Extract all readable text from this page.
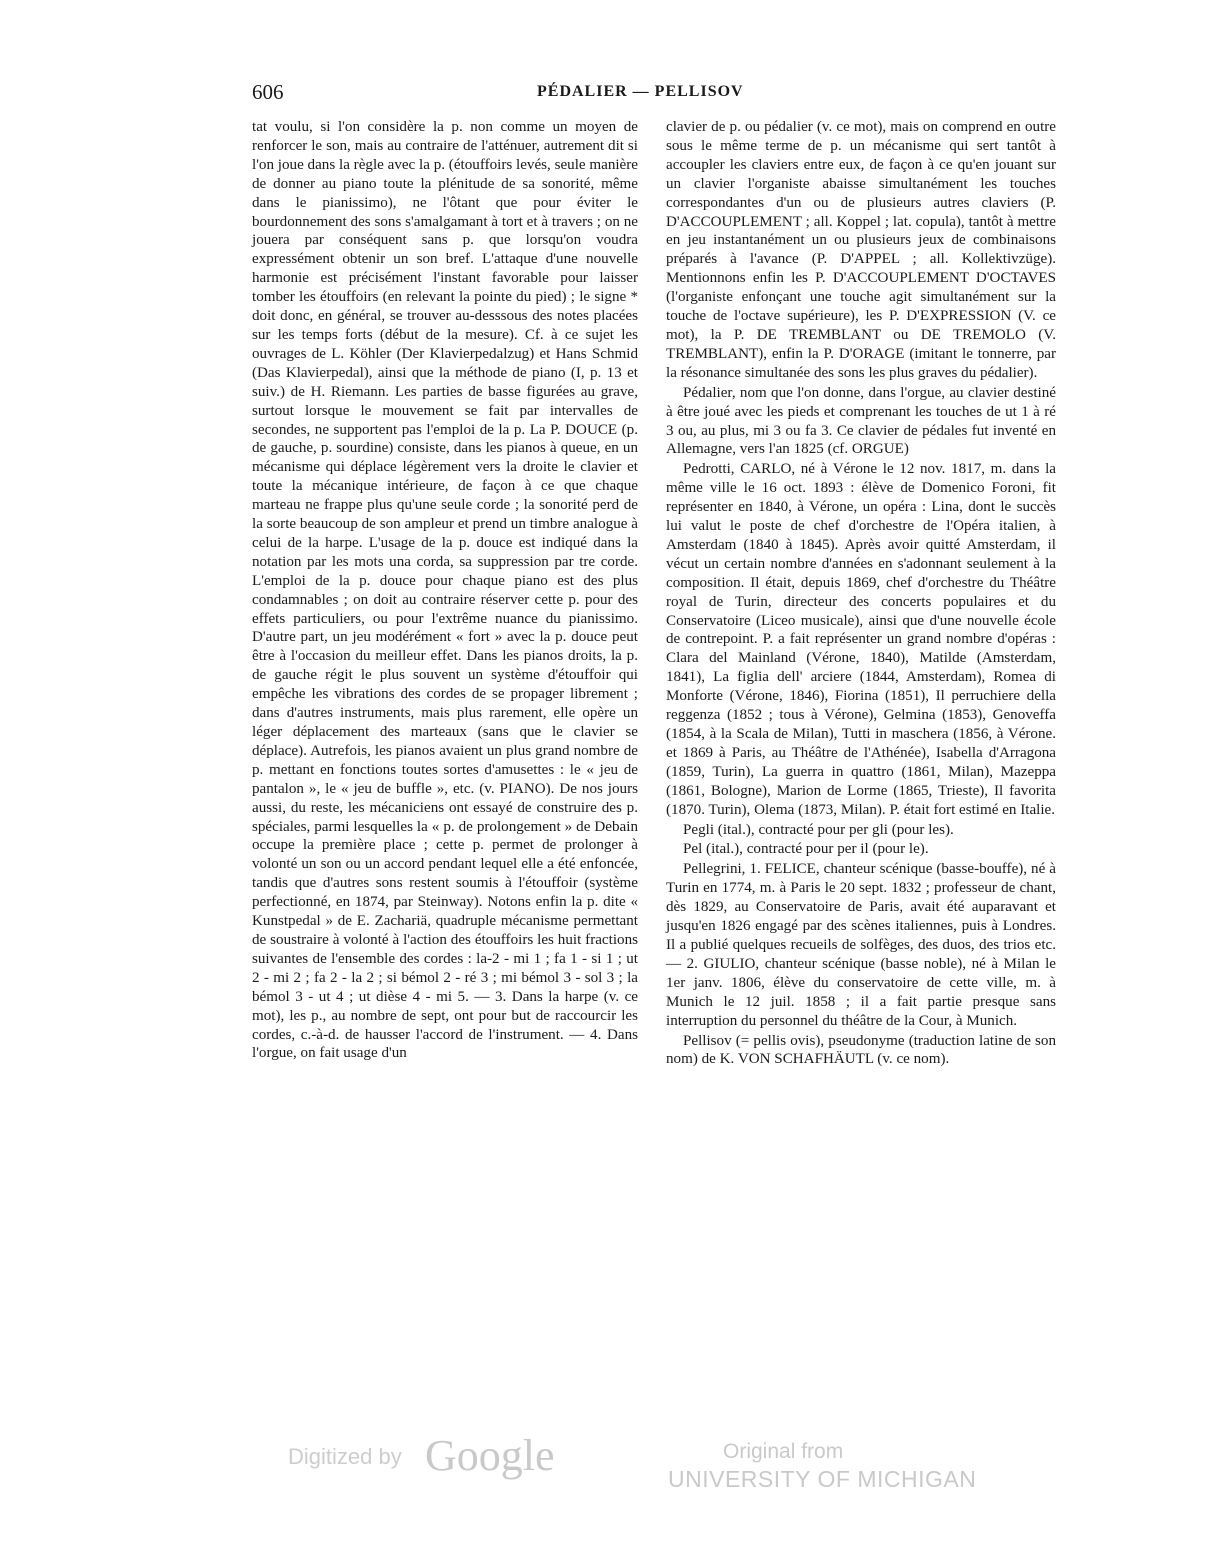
606	PÉDALIER — PELLISOV

tat voulu, si l'on considère la p. non comme un moyen de renforcer le son, mais au contraire de l'atténuer, autrement dit si l'on joue dans la règle avec la p. (étouffoirs levés, seule manière de donner au piano toute la plénitude de sa sonorité, même dans le pianissimo), ne l'ôtant que pour éviter le bourdonnement des sons s'amalgamant à tort et à travers ; on ne jouera par conséquent sans p. que lorsqu'on voudra expressément obtenir un son bref. L'attaque d'une nouvelle harmonie est précisément l'instant favorable pour laisser tomber les étouffoirs (en relevant la pointe du pied) ; le signe * doit donc, en général, se trouver au-desssous des notes placées sur les temps forts (début de la mesure). Cf. à ce sujet les ouvrages de L. Köhler (Der Klavierpedalzug) et Hans Schmid (Das Klavierpedal), ainsi que la méthode de piano (I, p. 13 et suiv.) de H. Riemann. Les parties de basse figurées au grave, surtout lorsque le mouvement se fait par intervalles de secondes, ne supportent pas l'emploi de la p. La P. DOUCE (p. de gauche, p. sourdine) consiste, dans les pianos à queue, en un mécanisme qui déplace légèrement vers la droite le clavier et toute la mécanique intérieure, de façon à ce que chaque marteau ne frappe plus qu'une seule corde ; la sonorité perd de la sorte beaucoup de son ampleur et prend un timbre analogue à celui de la harpe. L'usage de la p. douce est indiqué dans la notation par les mots una corda, sa suppression par tre corde. L'emploi de la p. douce pour chaque piano est des plus condamnables ; on doit au contraire réserver cette p. pour des effets particuliers, ou pour l'extrême nuance du pianissimo. D'autre part, un jeu modérément « fort » avec la p. douce peut être à l'occasion du meilleur effet. Dans les pianos droits, la p. de gauche régit le plus souvent un système d'étouffoir qui empêche les vibrations des cordes de se propager librement ; dans d'autres instruments, mais plus rarement, elle opère un léger déplacement des marteaux (sans que le clavier se déplace). Autrefois, les pianos avaient un plus grand nombre de p. mettant en fonctions toutes sortes d'amusettes : le « jeu de pantalon », le « jeu de buffle », etc. (v. PIANO). De nos jours aussi, du reste, les mécaniciens ont essayé de construire des p. spéciales, parmi lesquelles la « p. de prolongement » de Debain occupe la première place ; cette p. permet de prolonger à volonté un son ou un accord pendant lequel elle a été enfoncée, tandis que d'autres sons restent soumis à l'étouffoir (système perfectionné, en 1874, par Steinway). Notons enfin la p. dite « Kunstpedal » de E. Zachariä, quadruple mécanisme permettant de soustraire à volonté à l'action des étouffoirs les huit fractions suivantes de l'ensemble des cordes : la-2 - mi 1 ; fa 1 - si 1 ; ut 2 - mi 2 ; fa 2 - la 2 ; si bémol 2 - ré 3 ; mi bémol 3 - sol 3 ; la bémol 3 - ut 4 ; ut dièse 4 - mi 5. — 3. Dans la harpe (v. ce mot), les p., au nombre de sept, ont pour but de raccourcir les cordes, c.-à-d. de hausser l'accord de l'instrument. — 4. Dans l'orgue, on fait usage d'un

clavier de p. ou pédalier (v. ce mot), mais on comprend en outre sous le même terme de p. un mécanisme qui sert tantôt à accoupler les claviers entre eux, de façon à ce qu'en jouant sur un clavier l'organiste abaisse simultanément les touches correspondantes d'un ou de plusieurs autres claviers (P. D'ACCOUPLEMENT ; all. Koppel ; lat. copula), tantôt à mettre en jeu instantanément un ou plusieurs jeux de combinaisons préparés à l'avance (P. D'APPEL ; all. Kollektivzüge). Mentionnons enfin les P. D'ACCOUPLEMENT D'OCTAVES (l'organiste enfonçant une touche agit simultanément sur la touche de l'octave supérieure), les P. D'EXPRESSION (V. ce mot), la P. DE TREMBLANT ou DE TREMOLO (V. TREMBLANT), enfin la P. D'ORAGE (imitant le tonnerre, par la résonance simultanée des sons les plus graves du pédalier).

Pédalier, nom que l'on donne, dans l'orgue, au clavier destiné à être joué avec les pieds et comprenant les touches de ut 1 à ré 3 ou, au plus, mi 3 ou fa 3. Ce clavier de pédales fut inventé en Allemagne, vers l'an 1825 (cf. ORGUE)

Pedrotti, CARLO, né à Vérone le 12 nov. 1817, m. dans la même ville le 16 oct. 1893 : élève de Domenico Foroni, fit représenter en 1840, à Vérone, un opéra : Lina, dont le succès lui valut le poste de chef d'orchestre de l'Opéra italien, à Amsterdam (1840 à 1845). Après avoir quitté Amsterdam, il vécut un certain nombre d'années en s'adonnant seulement à la composition. Il était, depuis 1869, chef d'orchestre du Théâtre royal de Turin, directeur des concerts populaires et du Conservatoire (Liceo musicale), ainsi que d'une nouvelle école de contrepoint. P. a fait représenter un grand nombre d'opéras : Clara del Mainland (Vérone, 1840), Matilde (Amsterdam, 1841), La figlia dell' arciere (1844, Amsterdam), Romea di Monforte (Vérone, 1846), Fiorina (1851), Il perruchiere della reggenza (1852 ; tous à Vérone), Gelmina (1853), Genoveffa (1854, à la Scala de Milan), Tutti in maschera (1856, à Vérone. et 1869 à Paris, au Théâtre de l'Athénée), Isabella d'Arragona (1859, Turin), La guerra in quattro (1861, Milan), Mazeppa (1861, Bologne), Marion de Lorme (1865, Trieste), Il favorita (1870. Turin), Olema (1873, Milan). P. était fort estimé en Italie.

Pegli (ital.), contracté pour per gli (pour les).

Pel (ital.), contracté pour per il (pour le).

Pellegrini, 1. FELICE, chanteur scénique (basse-bouffe), né à Turin en 1774, m. à Paris le 20 sept. 1832 ; professeur de chant, dès 1829, au Conservatoire de Paris, avait été auparavant et jusqu'en 1826 engagé par des scènes italiennes, puis à Londres. Il a publié quelques recueils de solfèges, des duos, des trios etc. — 2. GIULIO, chanteur scénique (basse noble), né à Milan le 1er janv. 1806, élève du conservatoire de cette ville, m. à Munich le 12 juil. 1858 ; il a fait partie presque sans interruption du personnel du théâtre de la Cour, à Munich.

Pellisov (= pellis ovis), pseudonyme (traduction latine de son nom) de K. VON SCHAFHÄUTL (v. ce nom).

Digitized by Google	Original from
UNIVERSITY OF MICHIGAN
